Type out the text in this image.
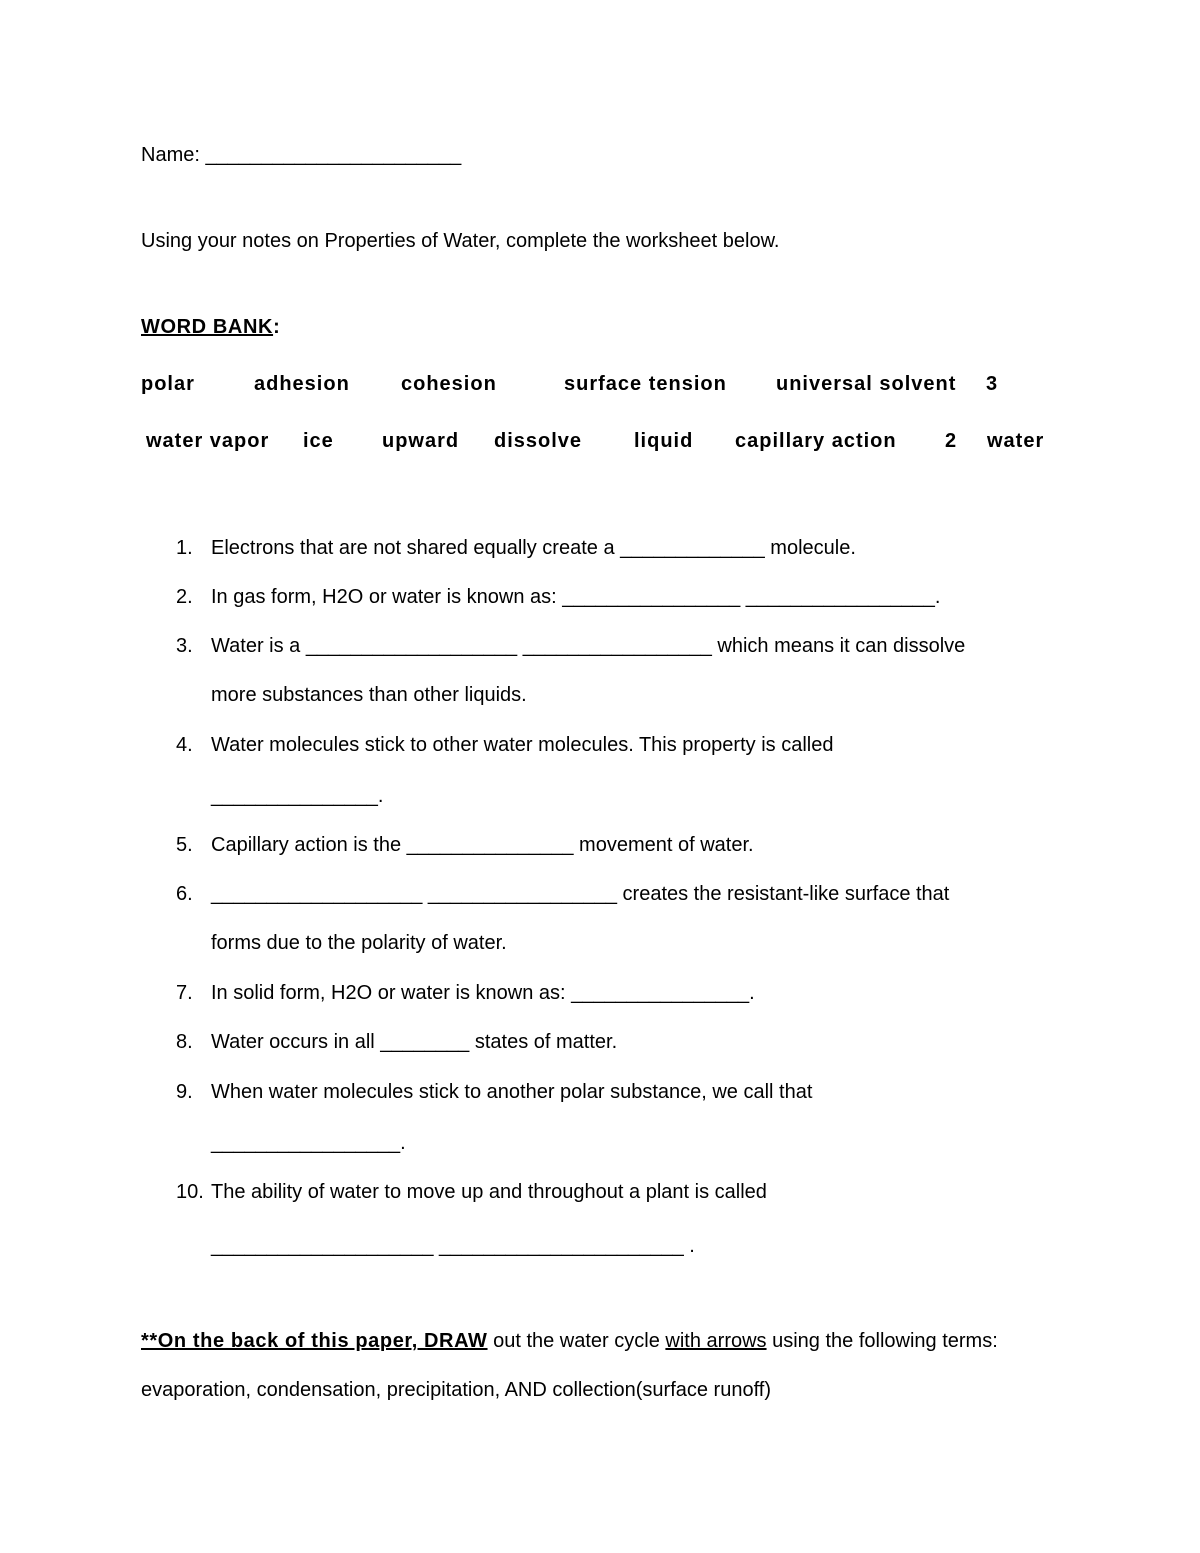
Name: _______________________
Using your notes on Properties of Water, complete the worksheet below.
WORD BANK:
polar	adhesion	cohesion	surface tension universal solvent 3
water vapor ice upward dissolve	liquid capillary action 2 water
1. Electrons that are not shared equally create a _____________ molecule.
2. In gas form, H2O or water is known as: ________________ _________________.
3. Water is a ___________________ _________________ which means it can dissolve
more substances than other liquids.
4. Water molecules stick to other water molecules. This property is called
_______________.
5. Capillary action is the _______________ movement of water.
6. ___________________ _________________ creates the resistant-like surface that
forms due to the polarity of water.
7. In solid form, H2O or water is known as: ________________.
8. Water occurs in all ________ states of matter.
9. When water molecules stick to another polar substance, we call that
_________________.
10. The ability of water to move up and throughout a plant is called
____________________ ______________________ .
**On the back of this paper, DRAW out the water cycle with arrows using the following terms:
evaporation, condensation, precipitation, AND collection(surface runoff)
